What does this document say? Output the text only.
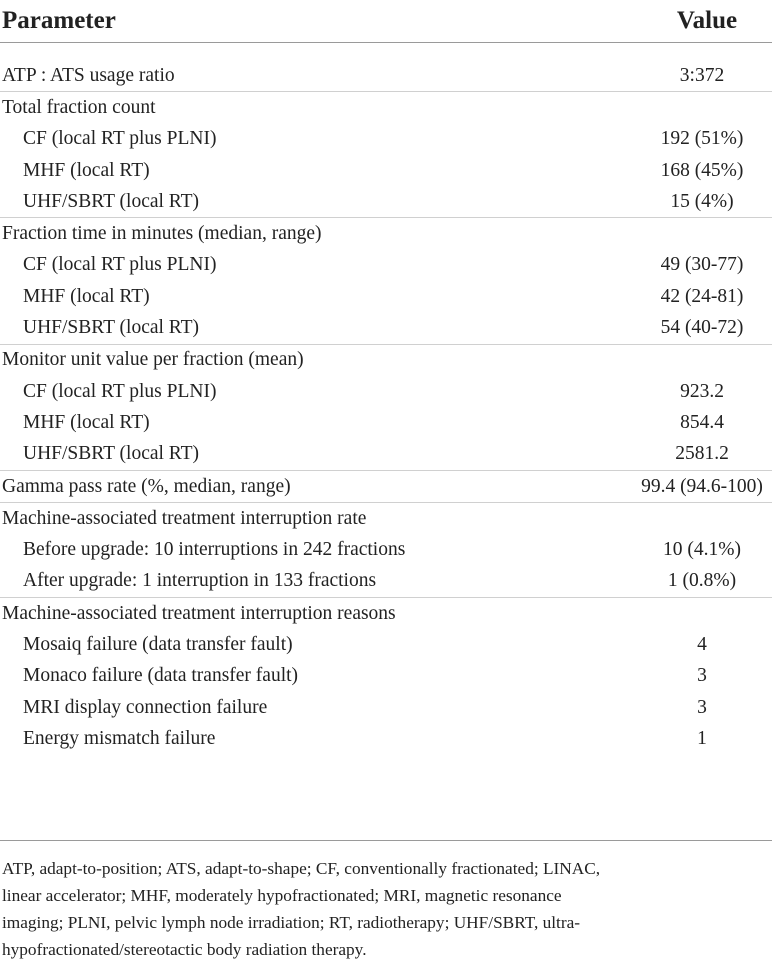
Parameter	Value
ATP : ATS usage ratio	3:372
Total fraction count
CF (local RT plus PLNI)	192 (51%)
MHF (local RT)	168 (45%)
UHF/SBRT (local RT)	15 (4%)
Fraction time in minutes (median, range)
CF (local RT plus PLNI)	49 (30-77)
MHF (local RT)	42 (24-81)
UHF/SBRT (local RT)	54 (40-72)
Monitor unit value per fraction (mean)
CF (local RT plus PLNI)	923.2
MHF (local RT)	854.4
UHF/SBRT (local RT)	2581.2
Gamma pass rate (%, median, range)	99.4 (94.6-100)
Machine-associated treatment interruption rate
Before upgrade: 10 interruptions in 242 fractions	10 (4.1%)
After upgrade: 1 interruption in 133 fractions	1 (0.8%)
Machine-associated treatment interruption reasons
Mosaiq failure (data transfer fault)	4
Monaco failure (data transfer fault)	3
MRI display connection failure	3
Energy mismatch failure	1
ATP, adapt-to-position; ATS, adapt-to-shape; CF, conventionally fractionated; LINAC,
linear accelerator; MHF, moderately hypofractionated; MRI, magnetic resonance
imaging; PLNI, pelvic lymph node irradiation; RT, radiotherapy; UHF/SBRT, ultra-
hypofractionated/stereotactic body radiation therapy.
